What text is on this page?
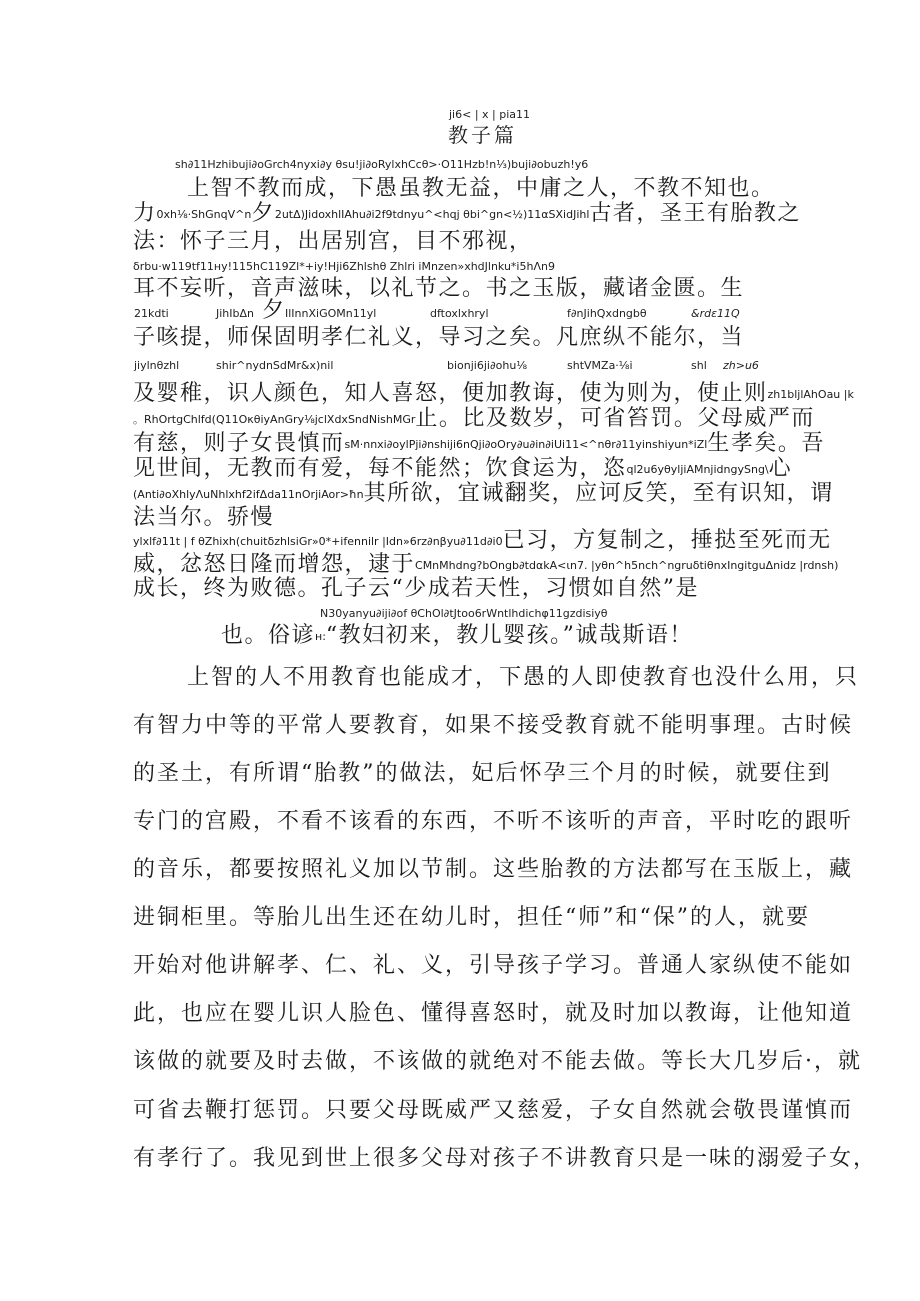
ji6< | x | pia11
教子篇
sh∂11Hzhibuji∂oGrch4nyxi∂y θsu!ji∂oRylxhCcθ>·O11Hzb!n⅓)buji∂obuzh!y6
上智不教而成，下愚虽教无益，中庸之人，不教不知也。
力0xh⅛·ShGnqV^n夕2utΔ)JidoxhlIAhu∂i2f9tdnyu^<hqj θbi^gn<½)11αSXidJihl古者，圣王有胎教之
法：怀子三月，出居别宫，目不邪视，
δrbu·w119tf11ну!115hC119Zl*+iy!Hji6Zhlshθ Zhlri iMnzen»xhdJlnku*i5hΛn9
耳不妄听，音声滋味，以礼节之。书之玉版，藏诸金匮。生
21kdti	JihIbΔn 夕 IlInnXiGOMn11yl	dftoxlxhryl	f∂nJihQxdngbθ	&rdε11Q
子咳提，师保固明孝仁礼义，导习之矣。凡庶纵不能尔，当
jiylnθzhl	shir^nydnSdMr&x)nil	bionji6ji∂ohu⅛	shtVMZa·⅛i	shl zh>u6
及婴稚，识人颜色，知人喜怒，便加教诲，使为则为，使止则zh1bljlAhOau |k
。RhOrtgChlfd(Q11OκθiyAnGry⅛jclXdxSndNishMGr止。比及数岁，可省笞罚。父母威严而
有慈，则子女畏慎而sM·nnxi∂oylPji∂nshiji6nQji∂oOry∂u∂in∂iUi11<^nθr∂11yinshiyun*iZl生孝矣。吾
见世间，无教而有爱，每不能然；饮食运为，恣ql2u6yθyljiAMnjidngySng\心
(Anti∂oXhlyΛuNhlxhf2ifΔda11nOrjiAor>ħn其所欲，宜诫翻奖，应诃反笑，至有识知，谓
法当尔。骄慢
ylxlf∂11t | f θZhixh(chuitδzhlsiGr»0*+ifennilr |Idn»6rz∂nβyu∂11d∂i0已习，方复制之，捶挞至死而无
威，忿怒日隆而增怨，逮于CMnMhdng?bOngb∂tdαkA<ιn7. |yθn^h5nch^ngruδtiθnxIngitguΔnidz |rdnsh)
成长，终为败德。孔子云“少成若天性，习惯如自然”是
N30yanyu∂iji∂of θChOl∂tJtoo6rWntlhdichφ11gzdisiyθ
也。俗谚н:“教妇初来，教儿婴孩。”诚哉斯语！
上智的人不用教育也能成才，下愚的人即使教育也没什么用，只
有智力中等的平常人要教育，如果不接受教育就不能明事理。古时候
的圣土，有所谓“胎教”的做法，妃后怀孕三个月的时候，就要住到
专门的宫殿，不看不该看的东西，不听不该听的声音，平时吃的跟听
的音乐，都要按照礼义加以节制。这些胎教的方法都写在玉版上，藏
进铜柜里。等胎儿出生还在幼儿时，担任“师”和“保”的人，就要
开始对他讲解孝、仁、礼、义，引导孩子学习。普通人家纵使不能如
此，也应在婴儿识人脸色、懂得喜怒时，就及时加以教诲，让他知道
该做的就要及时去做，不该做的就绝对不能去做。等长大几岁后·，就
可省去鞭打惩罚。只要父母既威严又慈爱，子女自然就会敬畏谨慎而
有孝行了。我见到世上很多父母对孩子不讲教育只是一味的溺爱子女，
